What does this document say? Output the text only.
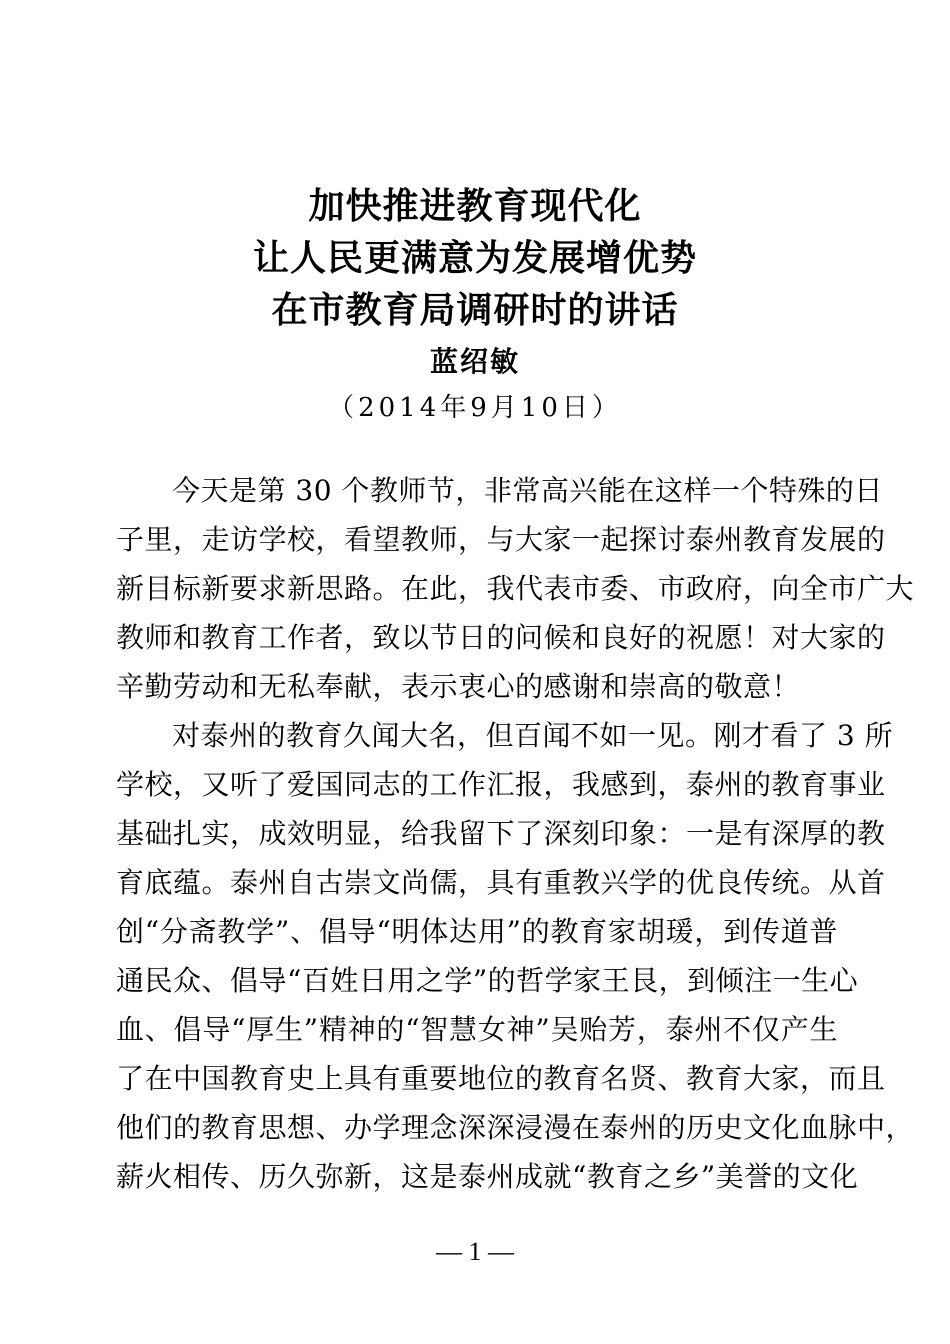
加快推进教育现代化
让人民更满意为发展增优势
在市教育局调研时的讲话
蓝绍敏
（2014年9月10日）
今天是第 30 个教师节，非常高兴能在这样一个特殊的日
子里，走访学校，看望教师，与大家一起探讨泰州教育发展的
新目标新要求新思路。在此，我代表市委、市政府，向全市广大
教师和教育工作者，致以节日的问候和良好的祝愿！对大家的
辛勤劳动和无私奉献，表示衷心的感谢和崇高的敬意！
对泰州的教育久闻大名，但百闻不如一见。刚才看了 3 所
学校，又听了爱国同志的工作汇报，我感到，泰州的教育事业
基础扎实，成效明显，给我留下了深刻印象：一是有深厚的教
育底蕴。泰州自古崇文尚儒，具有重教兴学的优良传统。从首
创“分斋教学”、倡导“明体达用”的教育家胡瑗，到传道普
通民众、倡导“百姓日用之学”的哲学家王艮，到倾注一生心
血、倡导“厚生”精神的“智慧女神”吴贻芳，泰州不仅产生
了在中国教育史上具有重要地位的教育名贤、教育大家，而且
他们的教育思想、办学理念深深浸漫在泰州的历史文化血脉中，
薪火相传、历久弥新，这是泰州成就“教育之乡”美誉的文化
— 1 —
